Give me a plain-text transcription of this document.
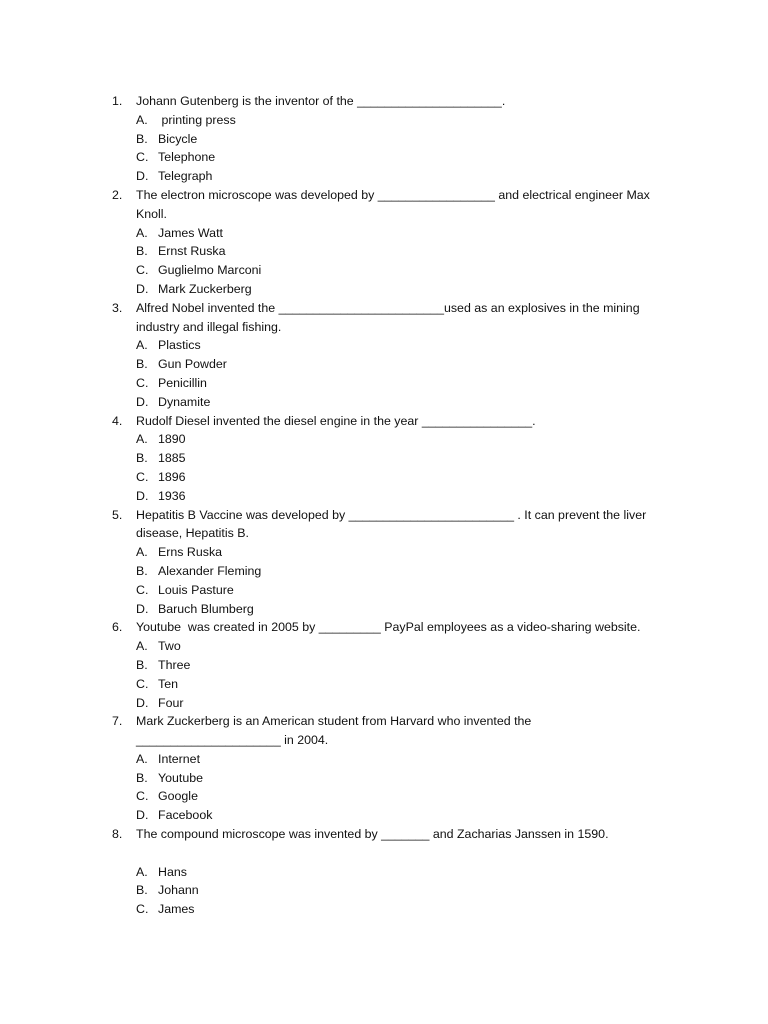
1.	Johann Gutenberg is the inventor of the _____________________.
A. printing press
B. Bicycle
C. Telephone
D. Telegraph
2.	The electron microscope was developed by _________________ and electrical engineer Max
Knoll.
A. James Watt
B. Ernst Ruska
C. Guglielmo Marconi
D. Mark Zuckerberg
3.	Alfred Nobel invented the ________________________used as an explosives in the mining
industry and illegal fishing.
A. Plastics
B. Gun Powder
C. Penicillin
D. Dynamite
4.	Rudolf Diesel invented the diesel engine in the year ________________.
A. 1890
B. 1885
C. 1896
D. 1936
5.	Hepatitis B Vaccine was developed by ________________________ . It can prevent the liver
disease, Hepatitis B.
A. Erns Ruska
B. Alexander Fleming
C. Louis Pasture
D. Baruch Blumberg
6.	Youtube  was created in 2005 by _________ PayPal employees as a video-sharing website.
A. Two
B. Three
C. Ten
D. Four
7.	Mark Zuckerberg is an American student from Harvard who invented the
_____________________ in 2004.
A. Internet
B. Youtube
C. Google
D. Facebook
8.	The compound microscope was invented by _______ and Zacharias Janssen in 1590.
A. Hans
B. Johann
C. James
